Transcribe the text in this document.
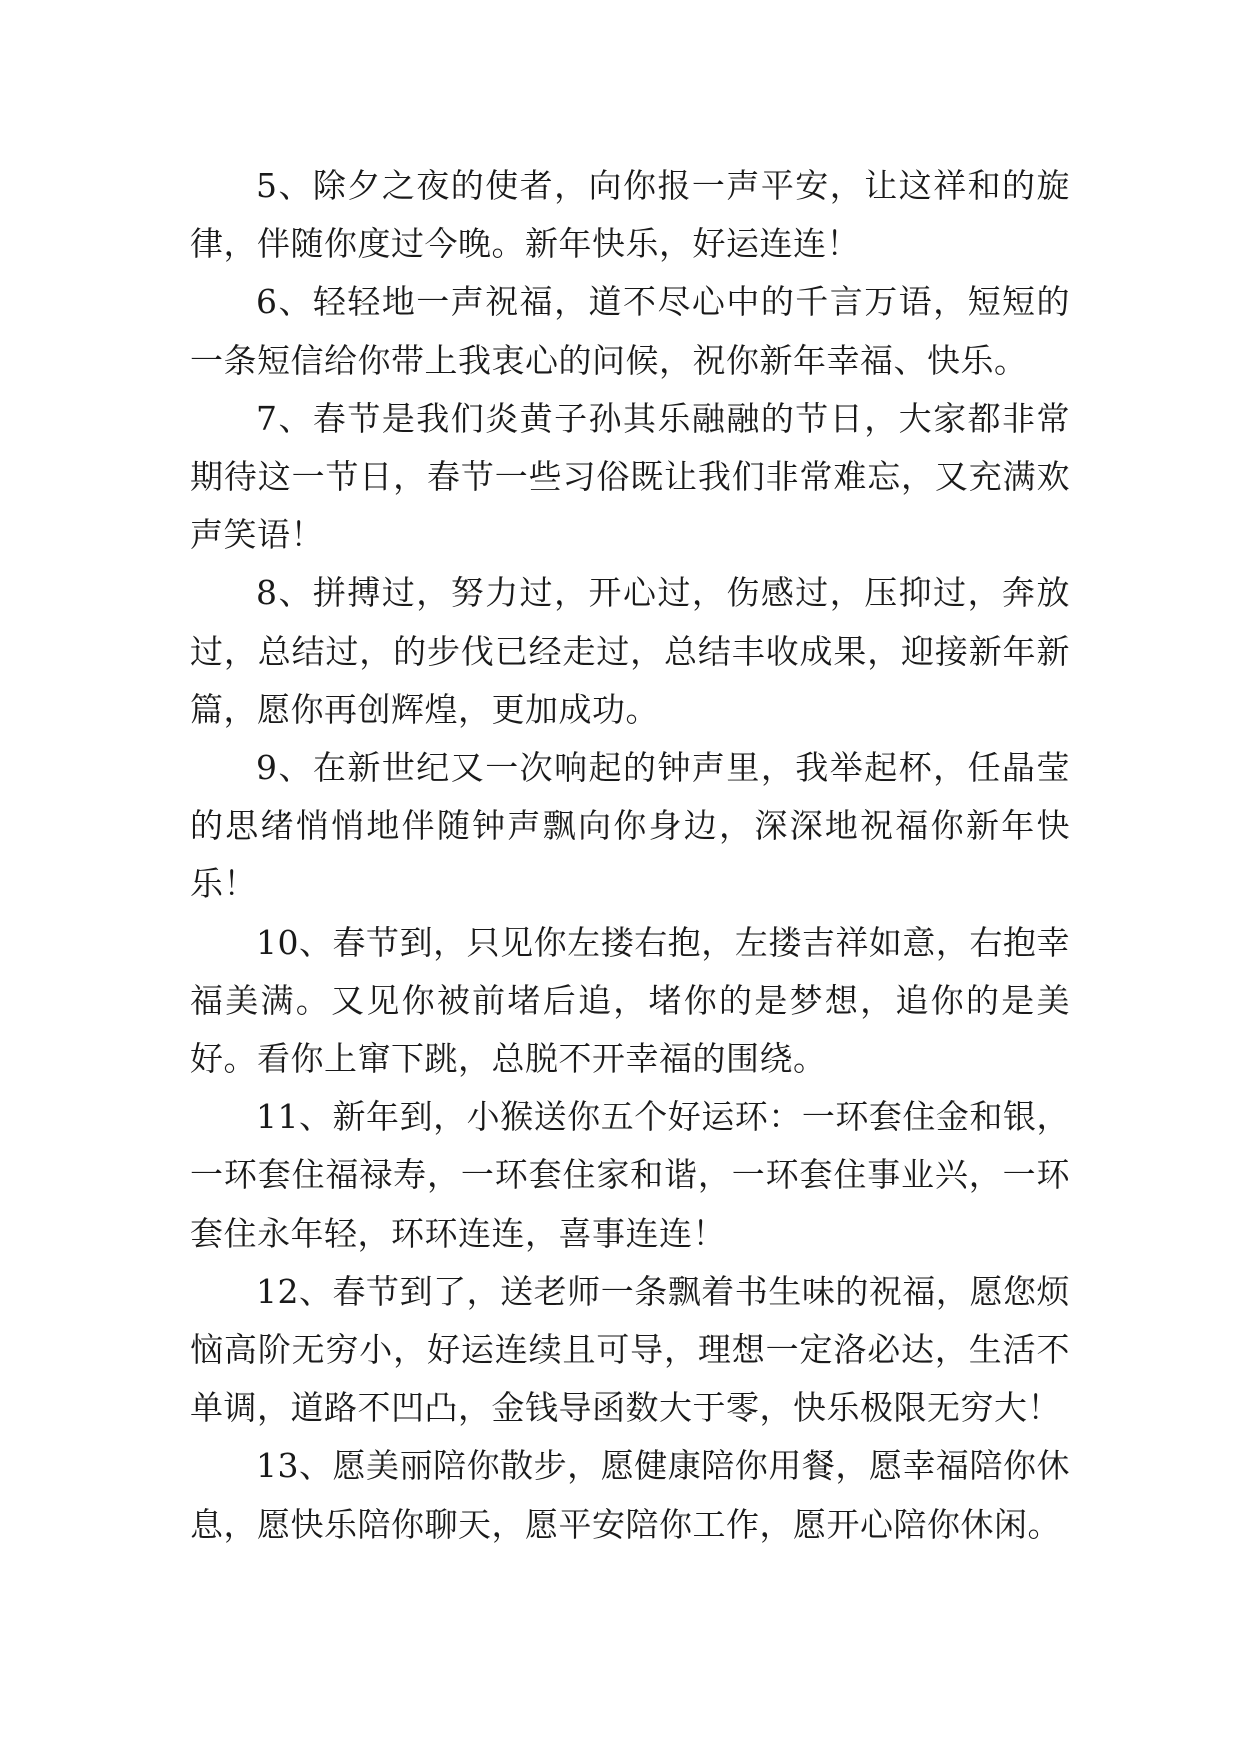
5、除夕之夜的使者，向你报一声平安，让这祥和的旋律，伴随你度过今晚。新年快乐，好运连连！

6、轻轻地一声祝福，道不尽心中的千言万语，短短的一条短信给你带上我衷心的问候，祝你新年幸福、快乐。

7、春节是我们炎黄子孙其乐融融的节日，大家都非常期待这一节日，春节一些习俗既让我们非常难忘，又充满欢声笑语！

8、拼搏过，努力过，开心过，伤感过，压抑过，奔放过，总结过，的步伐已经走过，总结丰收成果，迎接新年新篇，愿你再创辉煌，更加成功。

9、在新世纪又一次响起的钟声里，我举起杯，任晶莹的思绪悄悄地伴随钟声飘向你身边，深深地祝福你新年快乐！

10、春节到，只见你左搂右抱，左搂吉祥如意，右抱幸福美满。又见你被前堵后追，堵你的是梦想，追你的是美好。看你上窜下跳，总脱不开幸福的围绕。

11、新年到，小猴送你五个好运环：一环套住金和银，一环套住福禄寿，一环套住家和谐，一环套住事业兴，一环套住永年轻，环环连连，喜事连连！

12、春节到了，送老师一条飘着书生味的祝福，愿您烦恼高阶无穷小，好运连续且可导，理想一定洛必达，生活不单调，道路不凹凸，金钱导函数大于零，快乐极限无穷大！

13、愿美丽陪你散步，愿健康陪你用餐，愿幸福陪你休息，愿快乐陪你聊天，愿平安陪你工作，愿开心陪你休闲。
